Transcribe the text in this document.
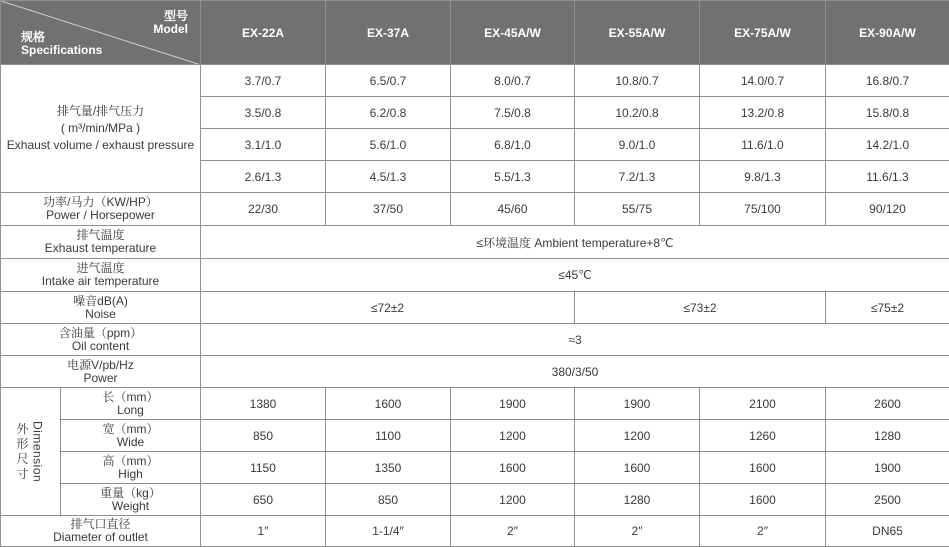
型号
Model
规格
Specifications		EX-22A	EX-37A	EX-45A/W	EX-55A/W	EX-75A/W	EX-90A/W

排气量/排气压力
( m³/min/MPa )
Exhaust volume / exhaust pressure		3.7/0.7	6.5/0.7	8.0/0.7	10.8/0.7	14.0/0.7	16.8/0.7
		3.5/0.8	6.2/0.8	7.5/0.8	10.2/0.8	13.2/0.8	15.8/0.8
		3.1/1.0	5.6/1.0	6.8/1.0	9.0/1.0	11.6/1.0	14.2/1.0
		2.6/1.3	4.5/1.3	5.5/1.3	7.2/1.3	9.8/1.3	11.6/1.3

功率/马力（KW/HP）
Power / Horsepower		22/30	37/50	45/60	55/75	75/100	90/120

排气温度
Exhaust temperature		≤环境温度 Ambient temperature+8℃					

进气温度
Intake air temperature		≤45℃					

噪音dB(A)
Noise		≤72±2			≤73±2		≤75±2

含油量（ppm）
Oil content		≈3					

电源V/pb/Hz
Power		380/3/50					

外
形
尺
寸 Dimension	长（mm）
Long	1380	1600	1900	1900	2100	2600

	宽（mm）
Wide	850	1100	1200	1200	1260	1280

	高（mm）
High	1150	1350	1600	1600	1600	1900

	重量（kg）
Weight	650	850	1200	1280	1600	2500

排气口直径
Diameter of outlet		1″	1-1/4″	2″	2″	2″	DN65
